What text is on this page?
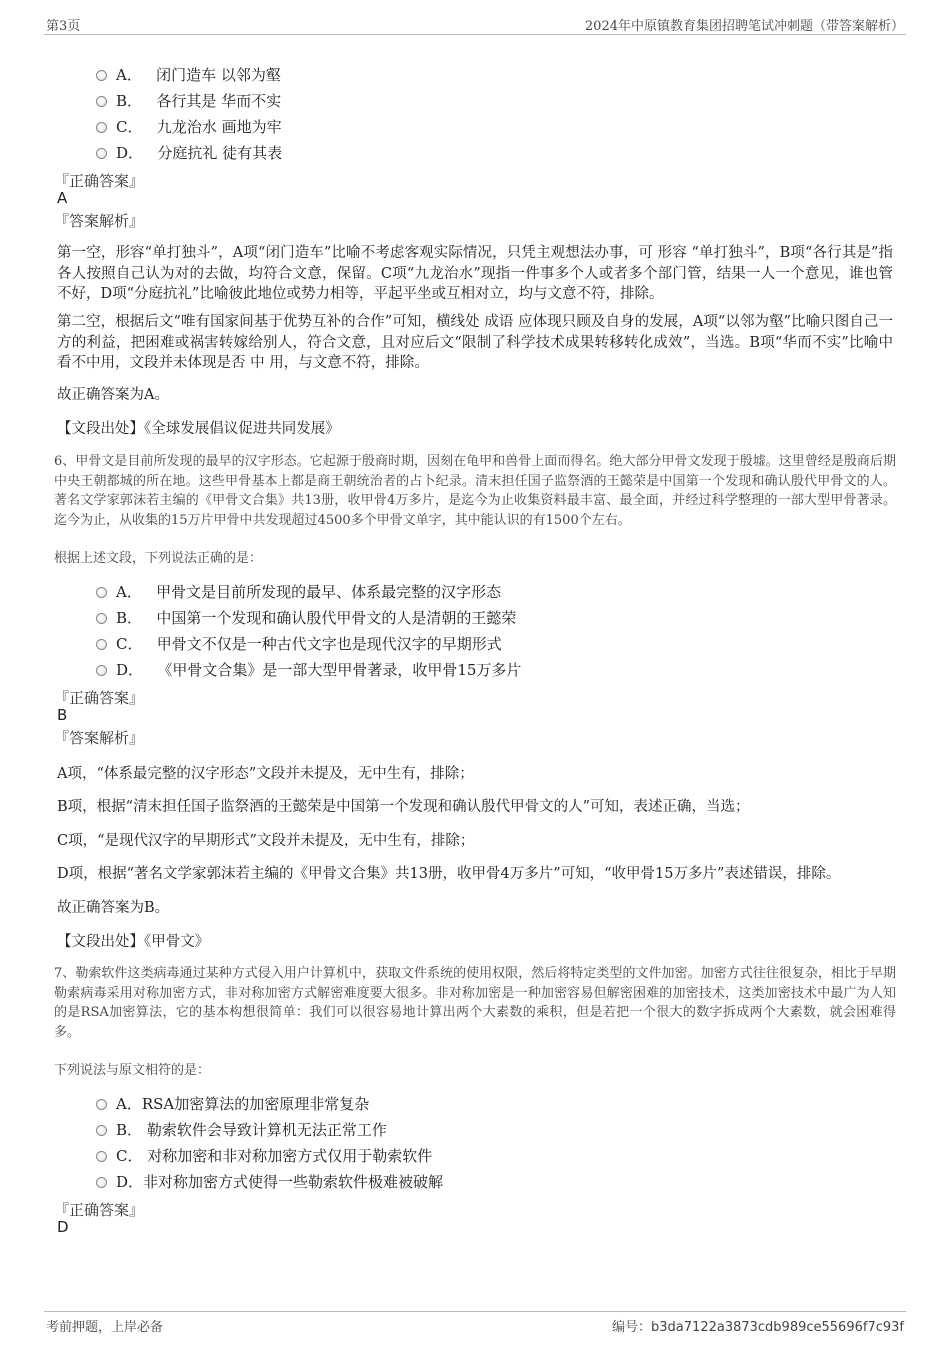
第3页	2024年中原镇教育集团招聘笔试冲刺题（带答案解析）
A． 闭门造车 以邻为壑
B． 各行其是 华而不实
C． 九龙治水 画地为牢
D． 分庭抗礼 徒有其表
『正确答案』
A
『答案解析』
第一空，形容“单打独斗”，A项“闭门造车”比喻不考虑客观实际情况，只凭主观想法办事，可 形容 “单打独斗”，B项“各行其是”指各人按照自己认为对的去做，均符合文意，保留。C项“九龙治水”现指一件事多个人或者多个部门管，结果一人一个意见，谁也管不好，D项“分庭抗礼”比喻彼此地位或势力相等，平起平坐或互相对立，均与文意不符，排除。
第二空，根据后文“唯有国家间基于优势互补的合作”可知，横线处 成语 应体现只顾及自身的发展，A项“以邻为壑”比喻只图自己一方的利益，把困难或祸害转嫁给别人，符合文意，且对应后文“限制了科学技术成果转移转化成效”，当选。B项“华而不实”比喻中看不中用，文段并未体现是否 中 用，与文意不符，排除。
故正确答案为A。
【文段出处】《全球发展倡议促进共同发展》
6、甲骨文是目前所发现的最早的汉字形态。它起源于殷商时期，因刻在龟甲和兽骨上面而得名。绝大部分甲骨文发现于殷墟。这里曾经是殷商后期中央王朝都城的所在地。这些甲骨基本上都是商王朝统治者的占卜纪录。清末担任国子监祭酒的王懿荣是中国第一个发现和确认殷代甲骨文的人。著名文学家郭沫若主编的《甲骨文合集》共13册，收甲骨4万多片，是迄今为止收集资料最丰富、最全面，并经过科学整理的一部大型甲骨著录。迄今为止，从收集的15万片甲骨中共发现超过4500多个甲骨文单字，其中能认识的有1500个左右。
根据上述文段，下列说法正确的是：
A． 甲骨文是目前所发现的最早、体系最完整的汉字形态
B． 中国第一个发现和确认殷代甲骨文的人是清朝的王懿荣
C． 甲骨文不仅是一种古代文字也是现代汉字的早期形式
D． 《甲骨文合集》是一部大型甲骨著录，收甲骨15万多片
『正确答案』
B
『答案解析』
A项，“体系最完整的汉字形态”文段并未提及，无中生有，排除；
B项，根据“清末担任国子监祭酒的王懿荣是中国第一个发现和确认殷代甲骨文的人”可知，表述正确，当选；
C项，“是现代汉字的早期形式”文段并未提及，无中生有，排除；
D项，根据“著名文学家郭沫若主编的《甲骨文合集》共13册，收甲骨4万多片”可知，“收甲骨15万多片”表述错误，排除。
故正确答案为B。
【文段出处】《甲骨文》
7、勒索软件这类病毒通过某种方式侵入用户计算机中，获取文件系统的使用权限，然后将特定类型的文件加密。加密方式往往很复杂，相比于早期勒索病毒采用对称加密方式，非对称加密方式解密难度要大很多。非对称加密是一种加密容易但解密困难的加密技术，这类加密技术中最广为人知的是RSA加密算法，它的基本构想很简单：我们可以很容易地计算出两个大素数的乘积，但是若把一个很大的数字拆成两个大素数，就会困难得多。
下列说法与原文相符的是：
A．RSA加密算法的加密原理非常复杂
B． 勒索软件会导致计算机无法正常工作
C． 对称加密和非对称加密方式仅用于勒索软件
D．非对称加密方式使得一些勒索软件极难被破解
『正确答案』
D
考前押题，上岸必备	编号：b3da7122a3873cdb989ce55696f7c93f
